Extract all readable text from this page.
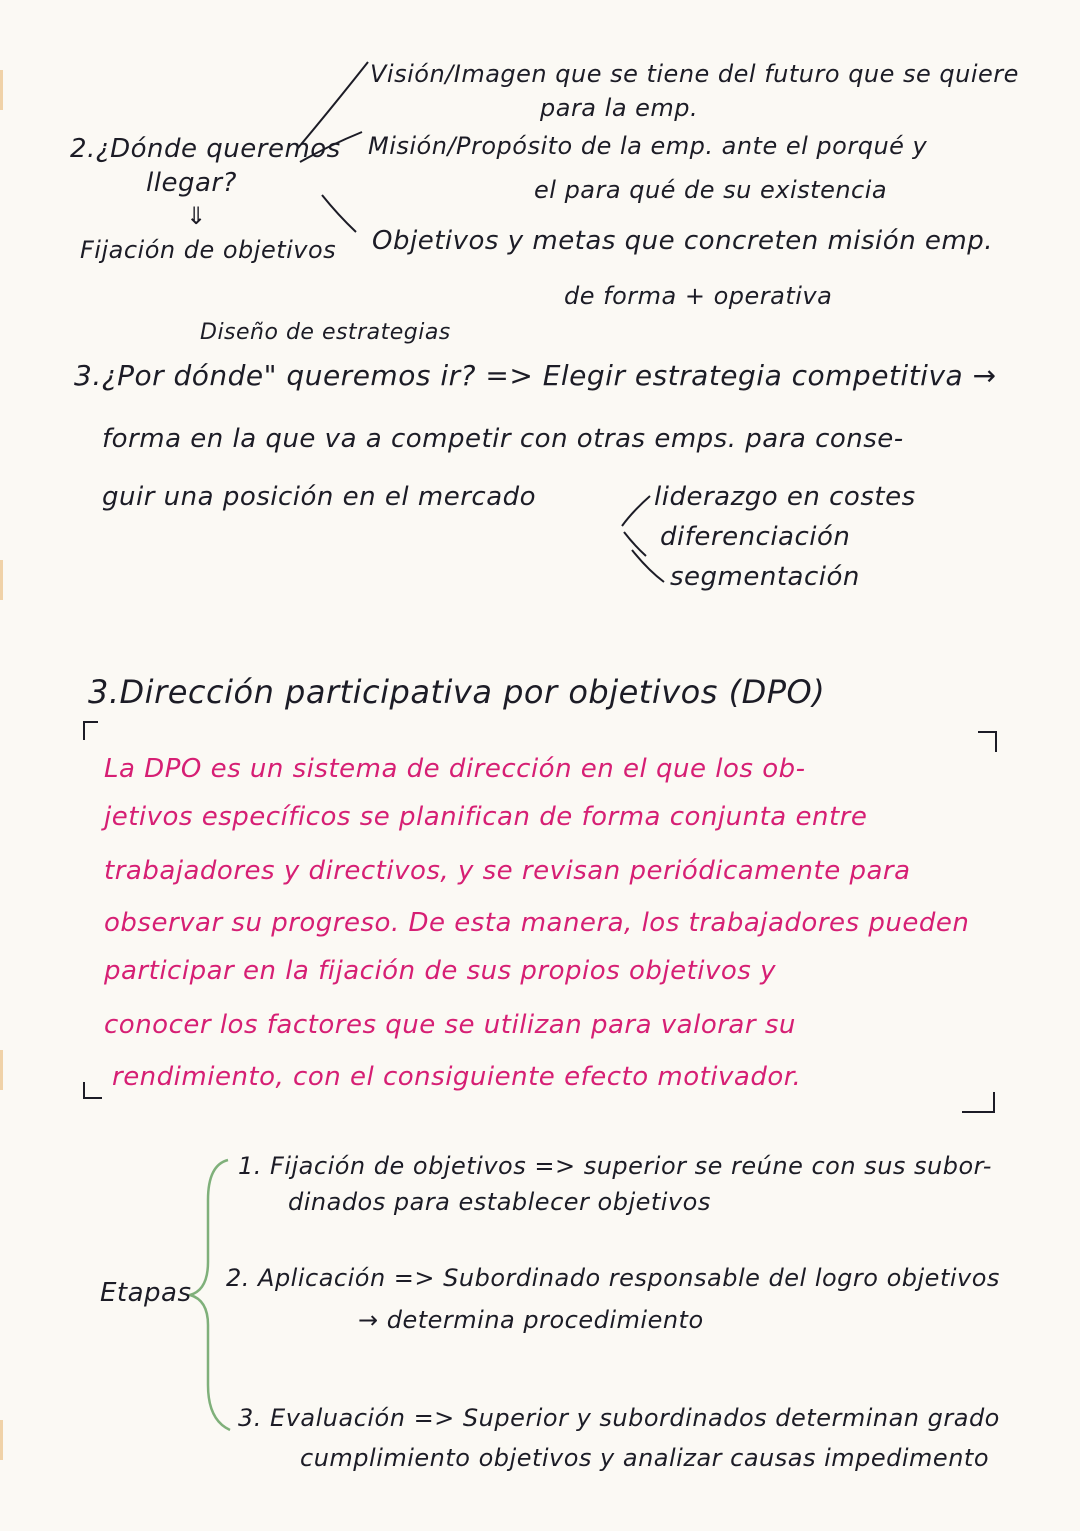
2.¿Dónde queremos
llegar?
⇓
Fijación de objetivos
Visión/Imagen que se tiene del futuro que se quiere
para la emp.
Misión/Propósito de la emp. ante el porqué y
el para qué de su existencia
Objetivos y metas que concreten misión emp.
de forma + operativa
Diseño de estrategias
3.¿Por dónde" queremos ir? => Elegir estrategia competitiva →
forma en la que va a competir con otras emps. para conse-
guir una posición en el mercado	liderazgo en costes
diferenciación
segmentación
3.Dirección participativa por objetivos (DPO)
La DPO es un sistema de dirección en el que los ob-
jetivos específicos se planifican de forma conjunta entre
trabajadores y directivos, y se revisan periódicamente para
observar su progreso. De esta manera, los trabajadores pueden
participar en la fijación de sus propios objetivos y
conocer los factores que se utilizan para valorar su
rendimiento, con el consiguiente efecto motivador.
Etapas
1. Fijación de objetivos => superior se reúne con sus subor-
dinados para establecer objetivos
2. Aplicación => Subordinado responsable del logro objetivos
→ determina procedimiento
3. Evaluación => Superior y subordinados determinan grado
cumplimiento objetivos y analizar causas impedimento
